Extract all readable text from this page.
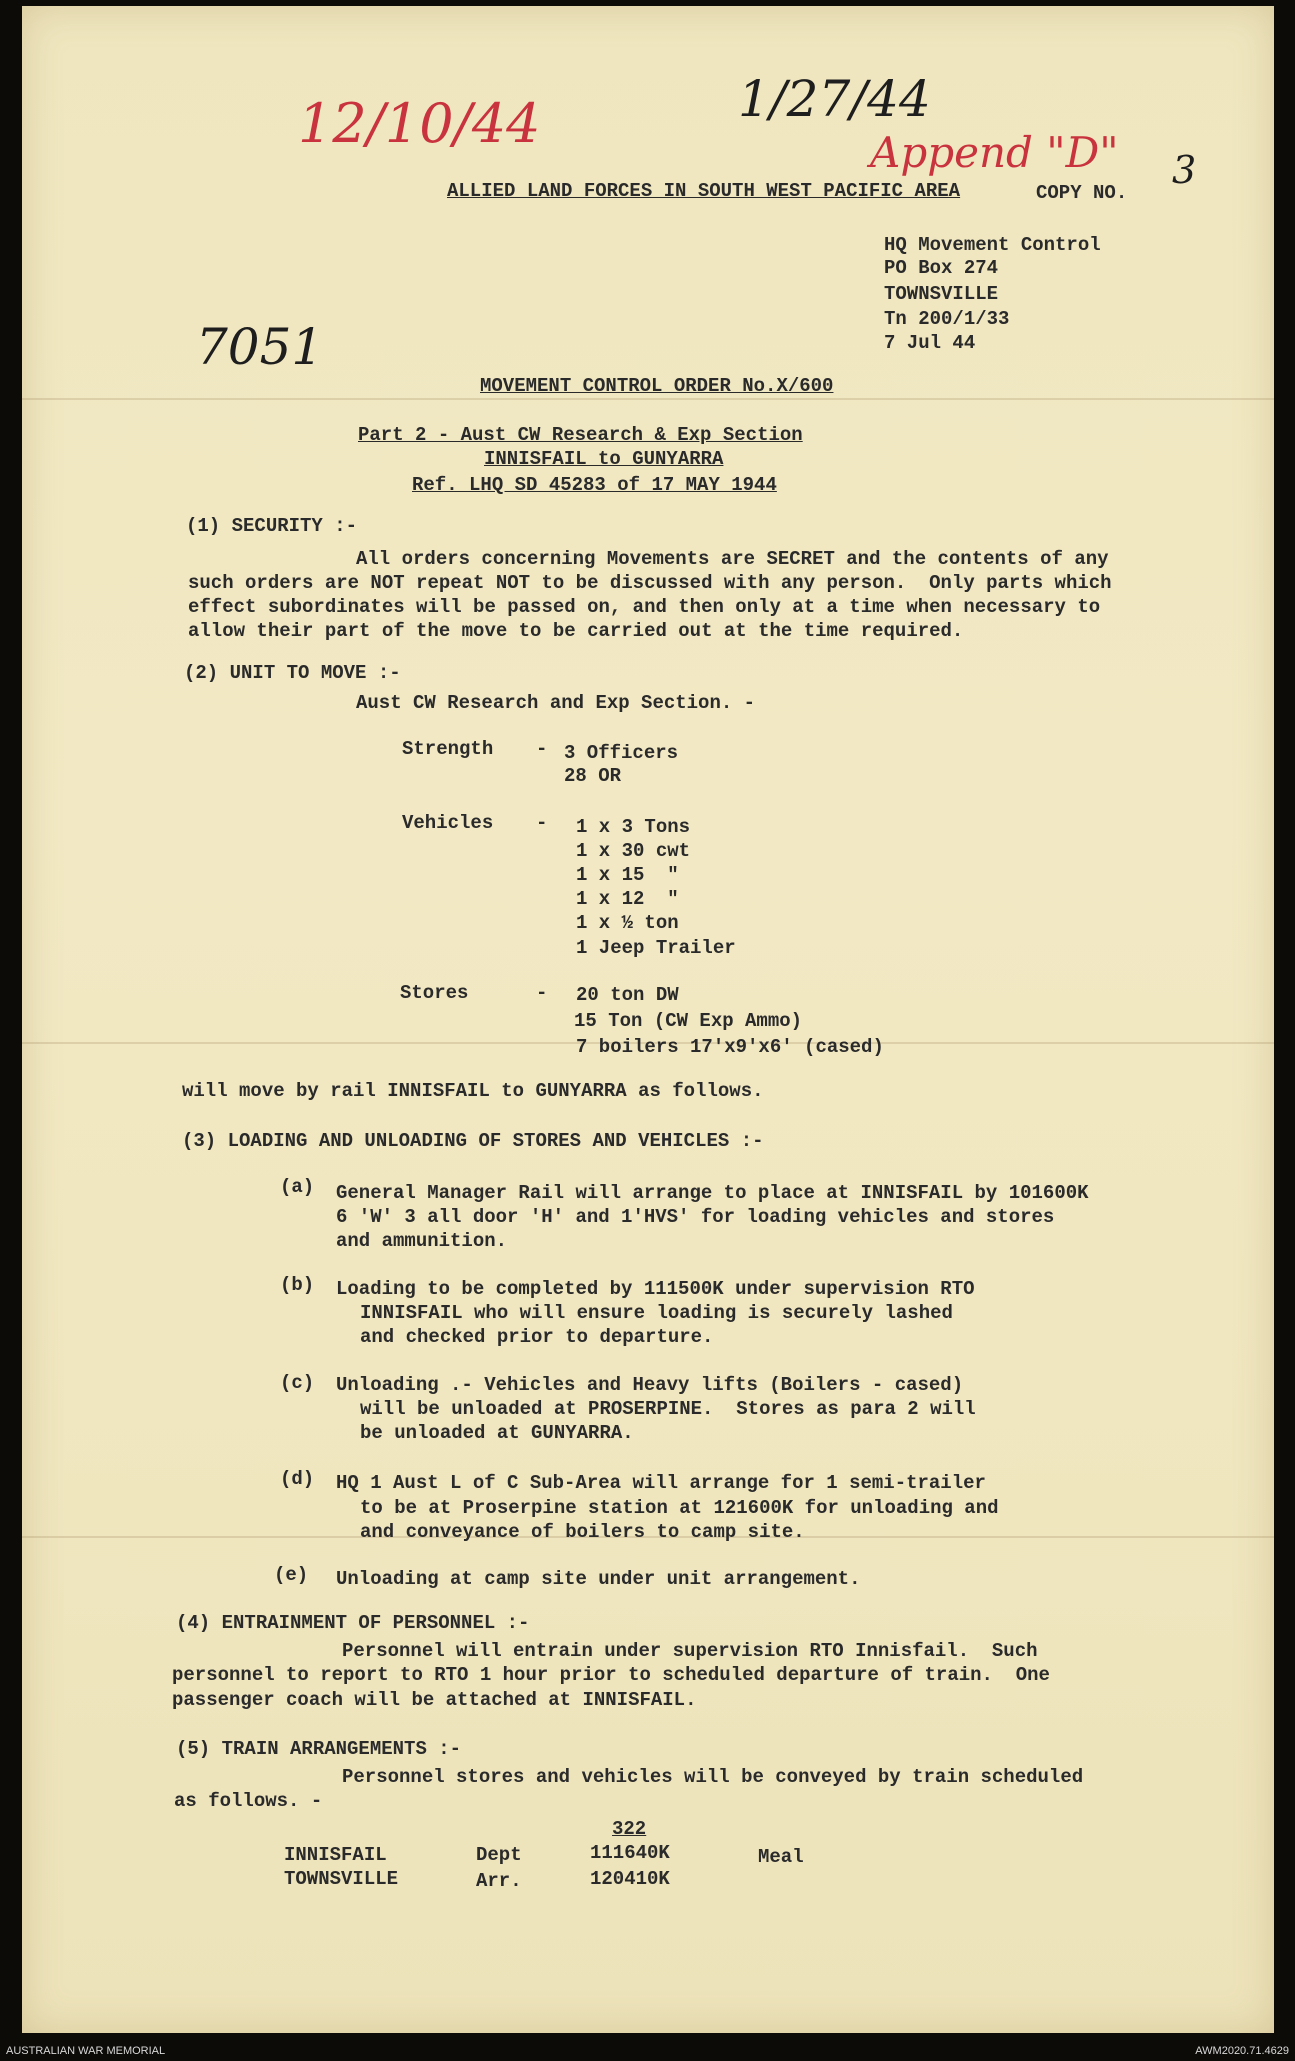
12/10/44	1/27/44
Append "D" 3
7051
ALLIED LAND FORCES IN SOUTH WEST PACIFIC AREA	COPY NO.
HQ Movement Control
PO Box 274
TOWNSVILLE
Tn 200/1/33
7 Jul 44
MOVEMENT CONTROL ORDER No.X/600
Part 2 - Aust CW Research & Exp Section
INNISFAIL to GUNYARRA
Ref. LHQ SD 45283 of 17 MAY 1944
(1) SECURITY :-
All orders concerning Movements are SECRET and the contents of any
such orders are NOT repeat NOT to be discussed with any person.  Only parts which
effect subordinates will be passed on, and then only at a time when necessary to
allow their part of the move to be carried out at the time required.
(2) UNIT TO MOVE :-
Aust CW Research and Exp Section. -
Strength - 3 Officers
28 OR
Vehicles - 1 x 3 Tons
1 x 30 cwt
1 x 15  "
1 x 12  "
1 x ½ ton
1 Jeep Trailer
Stores	- 20 ton DW
15 Ton (CW Exp Ammo)
7 boilers 17'x9'x6' (cased)
will move by rail INNISFAIL to GUNYARRA as follows.
(3) LOADING AND UNLOADING OF STORES AND VEHICLES :-
(a) General Manager Rail will arrange to place at INNISFAIL by 101600K
6 'W' 3 all door 'H' and 1'HVS' for loading vehicles and stores
and ammunition.
(b) Loading to be completed by 111500K under supervision RTO
INNISFAIL who will ensure loading is securely lashed
and checked prior to departure.
(c) Unloading .- Vehicles and Heavy lifts (Boilers - cased)
will be unloaded at PROSERPINE.  Stores as para 2 will
be unloaded at GUNYARRA.
(d) HQ 1 Aust L of C Sub-Area will arrange for 1 semi-trailer
to be at Proserpine station at 121600K for unloading and
and conveyance of boilers to camp site.
(e) Unloading at camp site under unit arrangement.
(4) ENTRAINMENT OF PERSONNEL :-
Personnel will entrain under supervision RTO Innisfail.  Such
personnel to report to RTO 1 hour prior to scheduled departure of train.  One
passenger coach will be attached at INNISFAIL.
(5) TRAIN ARRANGEMENTS :-
Personnel stores and vehicles will be conveyed by train scheduled
as follows. -
322
INNISFAIL	Dept	111640K	Meal
TOWNSVILLE	Arr.	120410K
AUSTRALIAN WAR MEMORIAL	AWM2020.71.4629
